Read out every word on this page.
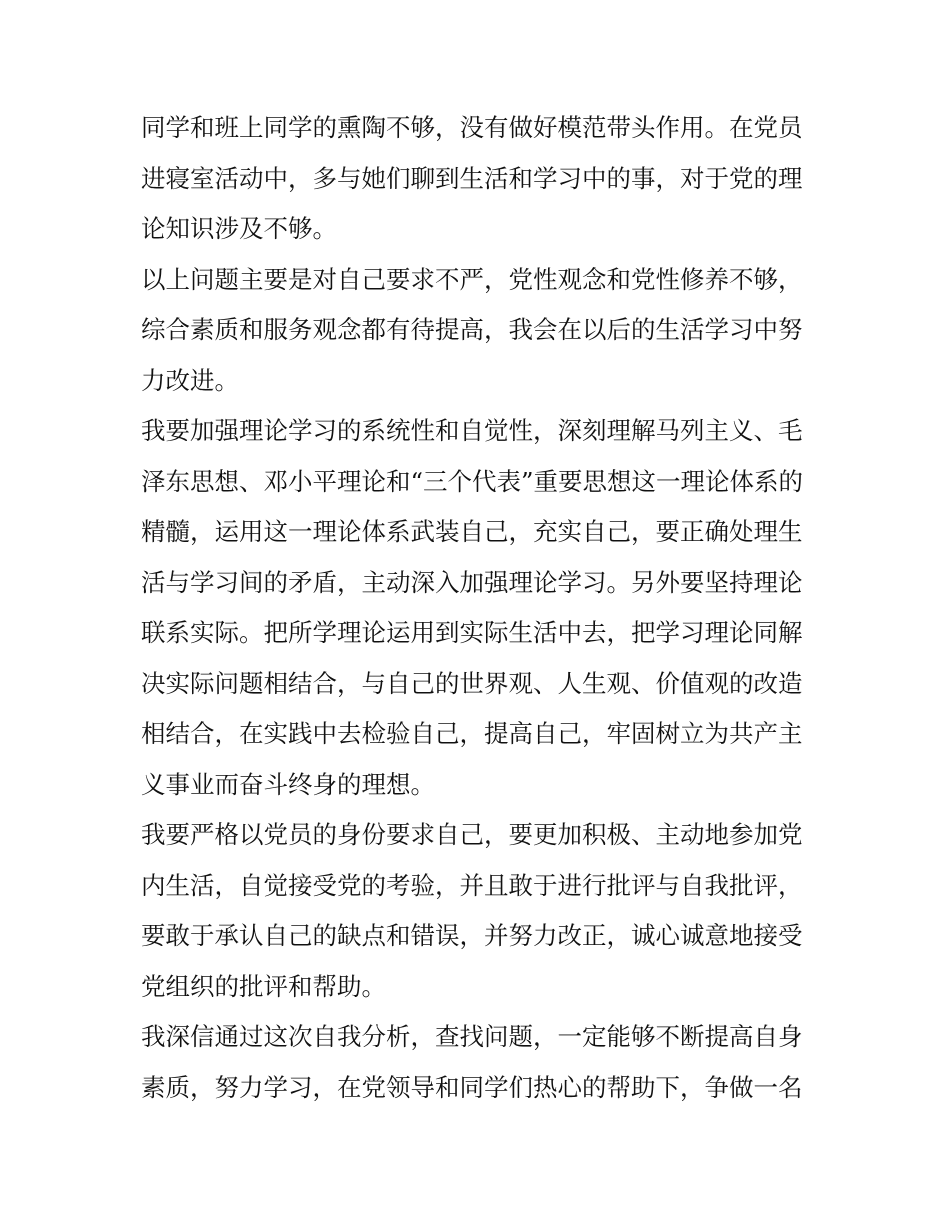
同学和班上同学的熏陶不够，没有做好模范带头作用。在党员
进寝室活动中，多与她们聊到生活和学习中的事，对于党的理
论知识涉及不够。
以上问题主要是对自己要求不严，党性观念和党性修养不够，
综合素质和服务观念都有待提高，我会在以后的生活学习中努
力改进。
我要加强理论学习的系统性和自觉性，深刻理解马列主义、毛
泽东思想、邓小平理论和“三个代表”重要思想这一理论体系的
精髓，运用这一理论体系武装自己，充实自己，要正确处理生
活与学习间的矛盾，主动深入加强理论学习。另外要坚持理论
联系实际。把所学理论运用到实际生活中去，把学习理论同解
决实际问题相结合，与自己的世界观、人生观、价值观的改造
相结合，在实践中去检验自己，提高自己，牢固树立为共产主
义事业而奋斗终身的理想。
我要严格以党员的身份要求自己，要更加积极、主动地参加党
内生活，自觉接受党的考验，并且敢于进行批评与自我批评，
要敢于承认自己的缺点和错误，并努力改正，诚心诚意地接受
党组织的批评和帮助。
我深信通过这次自我分析，查找问题，一定能够不断提高自身
素质，努力学习，在党领导和同学们热心的帮助下，争做一名
